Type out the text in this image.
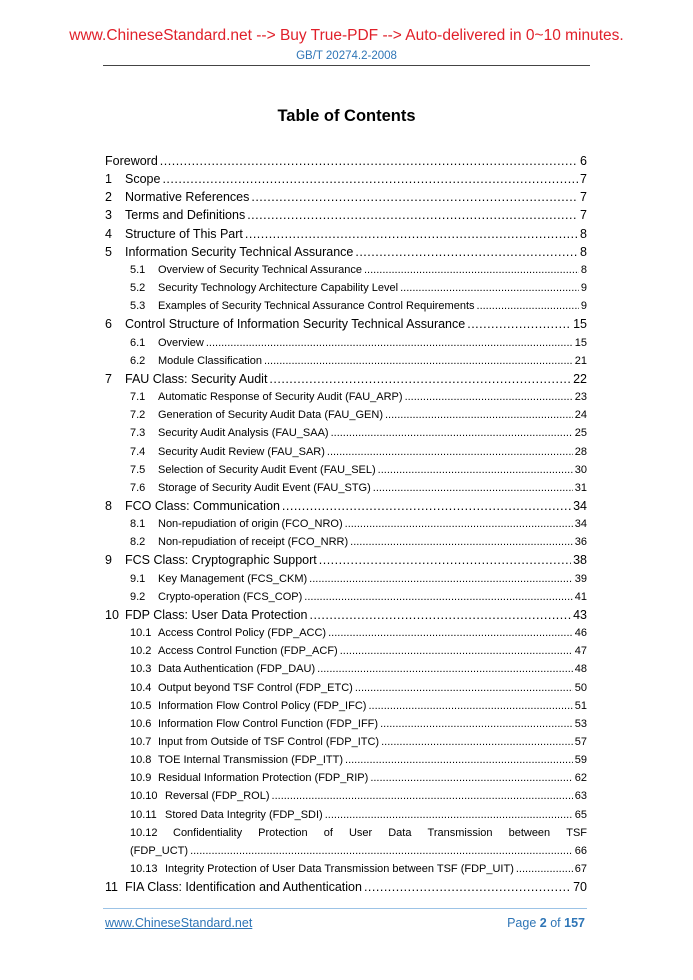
www.ChineseStandard.net --> Buy True-PDF --> Auto-delivered in 0~10 minutes.
GB/T 20274.2-2008
Table of Contents
Foreword .....	6
1	Scope .....	7
2	Normative References .....	7
3	Terms and Definitions .....	7
4	Structure of This Part .....	8
5	Information Security Technical Assurance .....	8
5.1	Overview of Security Technical Assurance .....	8
5.2	Security Technology Architecture Capability Level .....	9
5.3	Examples of Security Technical Assurance Control Requirements .....	9
6	Control Structure of Information Security Technical Assurance .....	15
6.1	Overview .....	15
6.2	Module Classification .....	21
7	FAU Class: Security Audit .....	22
7.1	Automatic Response of Security Audit (FAU_ARP) .....	23
7.2	Generation of Security Audit Data (FAU_GEN) .....	24
7.3	Security Audit Analysis (FAU_SAA) .....	25
7.4	Security Audit Review (FAU_SAR) .....	28
7.5	Selection of Security Audit Event (FAU_SEL) .....	30
7.6	Storage of Security Audit Event (FAU_STG) .....	31
8	FCO Class: Communication .....	34
8.1	Non-repudiation of origin (FCO_NRO) .....	34
8.2	Non-repudiation of receipt (FCO_NRR) .....	36
9	FCS Class: Cryptographic Support .....	38
9.1	Key Management (FCS_CKM) .....	39
9.2	Crypto-operation (FCS_COP) .....	41
10 FDP Class: User Data Protection .....	43
10.1 Access Control Policy (FDP_ACC) .....	46
10.2 Access Control Function (FDP_ACF) .....	47
10.3 Data Authentication (FDP_DAU) .....	48
10.4 Output beyond TSF Control (FDP_ETC) .....	50
10.5 Information Flow Control Policy (FDP_IFC) .....	51
10.6 Information Flow Control Function (FDP_IFF) .....	53
10.7 Input from Outside of TSF Control (FDP_ITC) .....	57
10.8 TOE Internal Transmission (FDP_ITT) .....	59
10.9 Residual Information Protection (FDP_RIP) .....	62
10.10 Reversal (FDP_ROL) .....	63
10.11 Stored Data Integrity (FDP_SDI) .....	65
10.12	Confidentiality Protection of User Data Transmission between TSF
(FDP_UCT) .....	66
10.13 Integrity Protection of User Data Transmission between TSF (FDP_UIT) .....	67
11 FIA Class: Identification and Authentication .....	70
www.ChineseStandard.net	Page 2 of 157
